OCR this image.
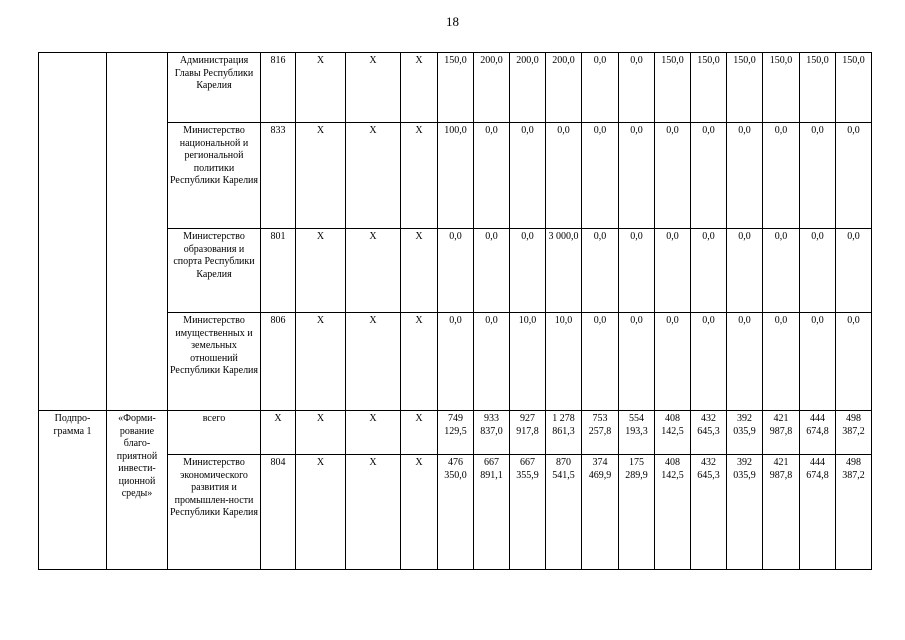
18
		Администрация Главы Республики Карелия	816	Х	Х	Х	150,0	200,0	200,0	200,0	0,0	0,0	150,0	150,0	150,0	150,0	150,0	150,0
		Министерство национальной и региональной политики Республики Карелия	833	Х	Х	Х	100,0	0,0	0,0	0,0	0,0	0,0	0,0	0,0	0,0	0,0	0,0	0,0
		Министерство образования и спорта Республики Карелия	801	Х	Х	Х	0,0	0,0	0,0	3 000,0	0,0	0,0	0,0	0,0	0,0	0,0	0,0	0,0
		Министерство имущественных и земельных отношений Республики Карелия	806	Х	Х	Х	0,0	0,0	10,0	10,0	0,0	0,0	0,0	0,0	0,0	0,0	0,0	0,0
Подпро-грамма 1	«Форми-рование благо-приятной инвести-ционной среды»	всего	Х	Х	Х	Х	749 129,5	933 837,0	927 917,8	1 278 861,3	753 257,8	554 193,3	408 142,5	432 645,3	392 035,9	421 987,8	444 674,8	498 387,2
		Министерство экономического развития и промышлен-ности Республики Карелия	804	Х	Х	Х	476 350,0	667 891,1	667 355,9	870 541,5	374 469,9	175 289,9	408 142,5	432 645,3	392 035,9	421 987,8	444 674,8	498 387,2
